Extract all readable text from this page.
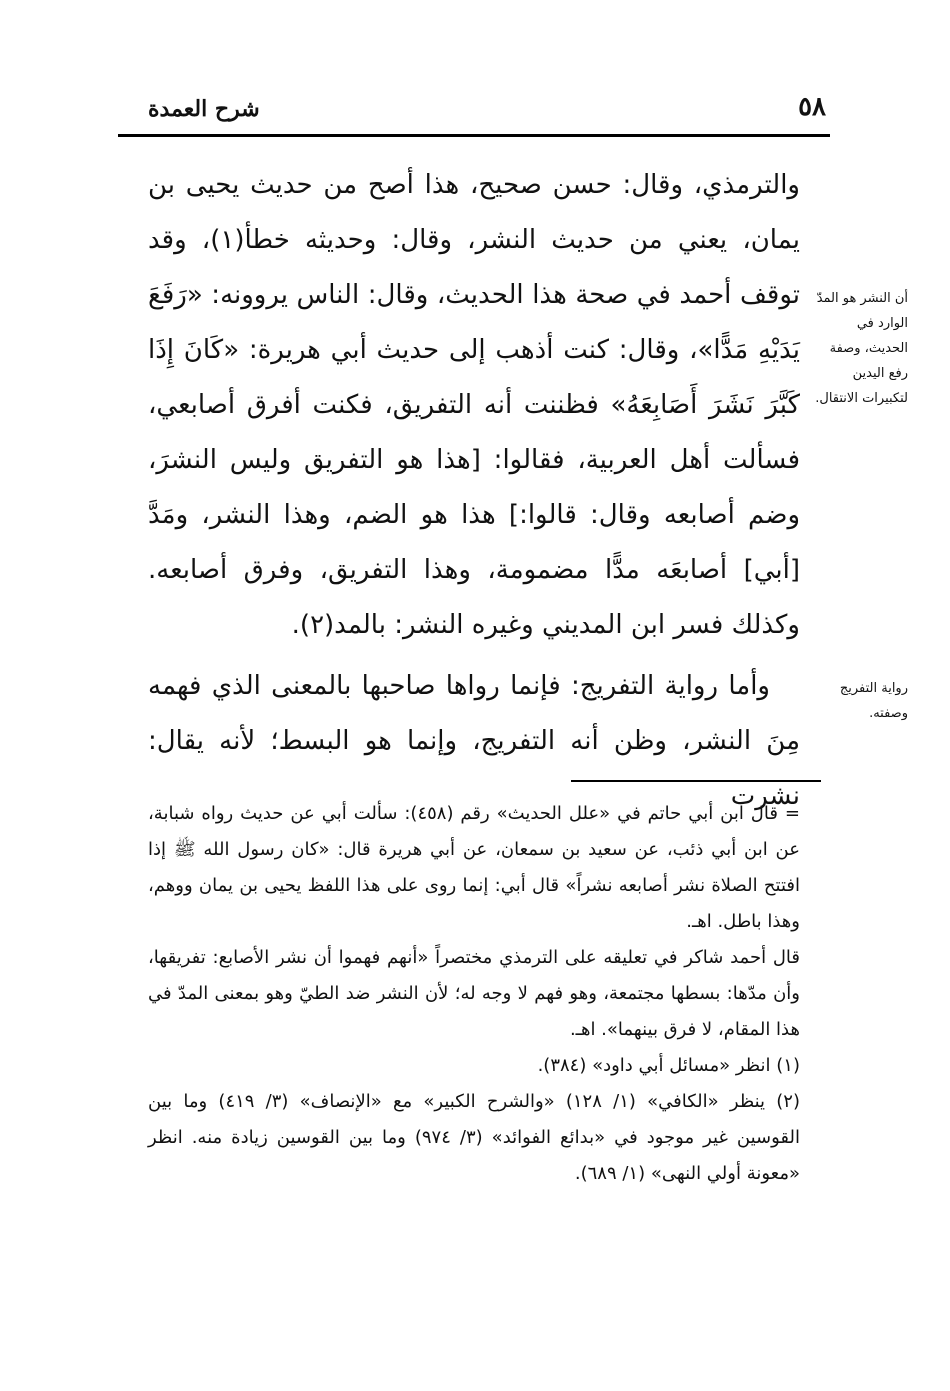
شرح العمدة	٥٨

والترمذي، وقال: حسن صحيح، هذا أصح من حديث يحيى بن يمان، يعني من حديث النشر، وقال: وحديثه خطأ(١)، وقد توقف أحمد في صحة هذا الحديث، وقال: الناس يروونه: «رَفَعَ يَدَيْهِ مَدًّا»، وقال: كنت أذهب إلى حديث أبي هريرة: «كَانَ إِذَا كَبَّرَ نَشَرَ أَصَابِعَهُ» فظننت أنه التفريق، فكنت أفرق أصابعي، فسألت أهل العربية، فقالوا: [هذا هو التفريق وليس النشرَ، وضم أصابعه وقال: قالوا:] هذا هو الضم، وهذا النشر، ومَدَّ [أبي] أصابعَه مدًّا مضمومة، وهذا التفريق، وفرق أصابعه. وكذلك فسر ابن المديني وغيره النشر: بالمد(٢).

وأما رواية التفريج: فإنما رواها صاحبها بالمعنى الذي فهمه مِنَ النشر، وظن أنه التفريج، وإنما هو البسط؛ لأنه يقال: نشرت

أن النشر هو المدّ الوارد في الحديث، وصفة رفع اليدين لتكبيرات الانتقال.
رواية التفريج وصفته.

= قال ابن أبي حاتم في «علل الحديث» رقم (٤٥٨): سألت أبي عن حديث رواه شبابة، عن ابن أبي ذئب، عن سعيد بن سمعان، عن أبي هريرة قال: «كان رسول الله ﷺ إذا افتتح الصلاة نشر أصابعه نشراً» قال أبي: إنما روى على هذا اللفظ يحيى بن يمان ووهم، وهذا باطل. اهـ.

قال أحمد شاكر في تعليقه على الترمذي مختصراً «أنهم فهموا أن نشر الأصابع: تفريقها، وأن مدّها: بسطها مجتمعة، وهو فهم لا وجه له؛ لأن النشر ضد الطيّ وهو بمعنى المدّ في هذا المقام، لا فرق بينهما». اهـ.

(١) انظر «مسائل أبي داود» (٣٨٤).

(٢) ينظر «الكافي» (١/ ١٢٨) «والشرح الكبير» مع «الإنصاف» (٣/ ٤١٩) وما بين القوسين غير موجود في «بدائع الفوائد» (٣/ ٩٧٤) وما بين القوسين زيادة منه. انظر «معونة أولي النهى» (١/ ٦٨٩).
